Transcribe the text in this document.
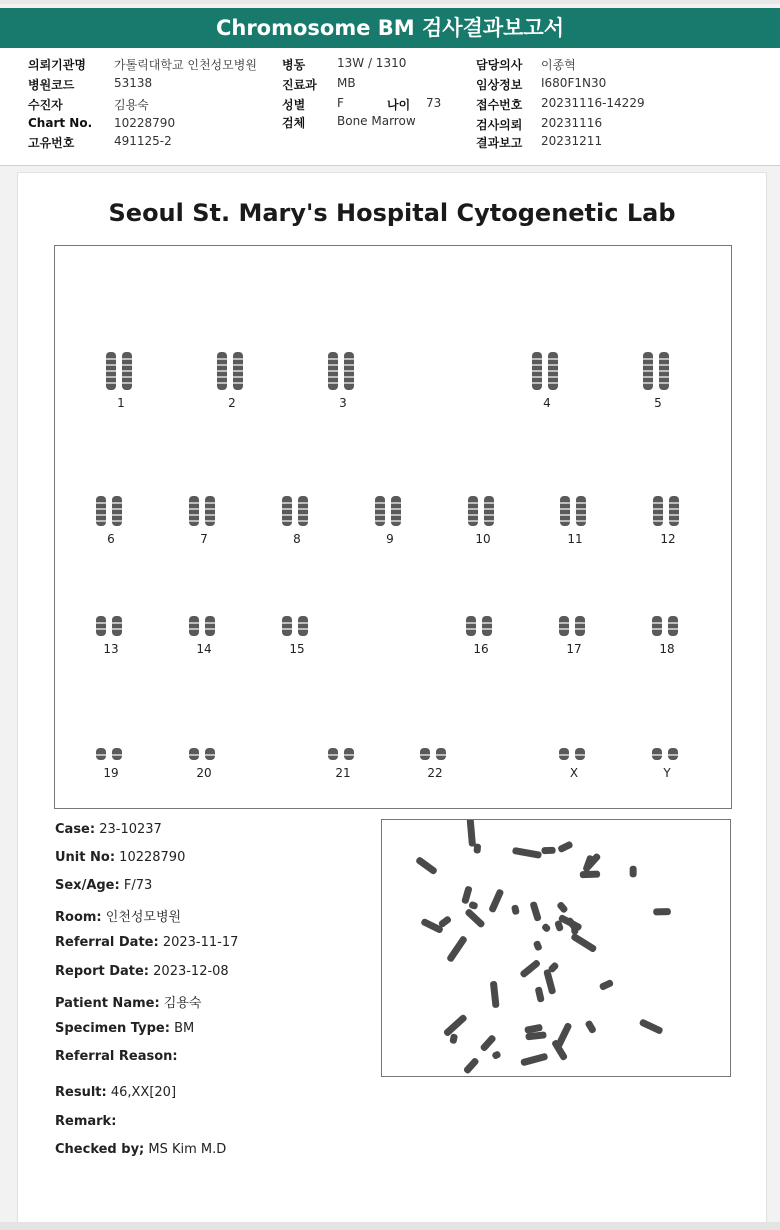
Chromosome BM 검사결과보고서
의뢰기관명 가톨릭대학교 인천성모병원
병원코드	53138
수진자	김용숙
Chart No. 10228790
고유번호	491125-2
병동	13W / 1310
진료과 MB
성별	F	나이 73
검체	Bone Marrow
담당의사 이종혁
임상정보 I680F1N30
접수번호 20231116-14229
검사의뢰 20231116
결과보고 20231211
Seoul St. Mary's Hospital Cytogenetic Lab
1	2	3	4	5
6	7	8	9	10	11	12
13	14	15	16	17	18
19	20	21	22	X	Y
Case: 23-10237
Unit No: 10228790
Sex/Age: F/73
Room: 인천성모병원
Referral Date: 2023-11-17
Report Date: 2023-12-08
Patient Name: 김용숙
Specimen Type: BM
Referral Reason:
Result: 46,XX[20]
Remark:
Checked by; MS Kim M.D
